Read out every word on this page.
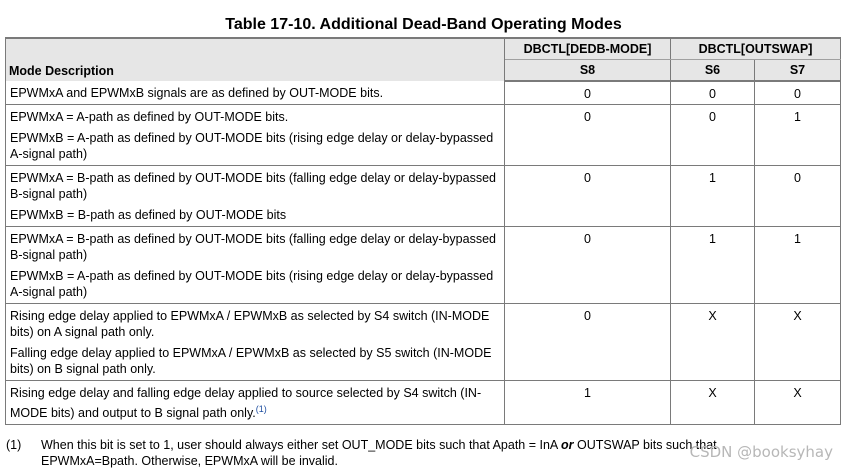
Table 17-10. Additional Dead-Band Operating Modes
Mode Description	DBCTL[DEDB-MODE]	DBCTL[OUTSWAP]	
	S8	S6	S7

EPWMxA and EPWMxB signals are as defined by OUT-MODE bits.	0	0	0

EPWMxA = A-path as defined by OUT-MODE bits.

EPWMxB = A-path as defined by OUT-MODE bits (rising edge delay or delay-bypassed A-signal path)	0	0	1

EPWMxA = B-path as defined by OUT-MODE bits (falling edge delay or delay-bypassed B-signal path)

EPWMxB = B-path as defined by OUT-MODE bits	0	1	0

EPWMxA = B-path as defined by OUT-MODE bits (falling edge delay or delay-bypassed B-signal path)

EPWMxB = A-path as defined by OUT-MODE bits (rising edge delay or delay-bypassed A-signal path)	0	1	1

Rising edge delay applied to EPWMxA / EPWMxB as selected by S4 switch (IN-MODE bits) on A signal path only.

Falling edge delay applied to EPWMxA / EPWMxB as selected by S5 switch (IN-MODE bits) on B signal path only.	0	X	X

Rising edge delay and falling edge delay applied to source selected by S4 switch (IN-MODE bits) and output to B signal path only.$^{(1)}$	1	X	X
(1) When this bit is set to 1, user should always either set OUT_MODE bits such that Apath = InA or OUTSWAP bits such that EPWMxA=Bpath. Otherwise, EPWMxA will be invalid.	CSDN @booksyhay
